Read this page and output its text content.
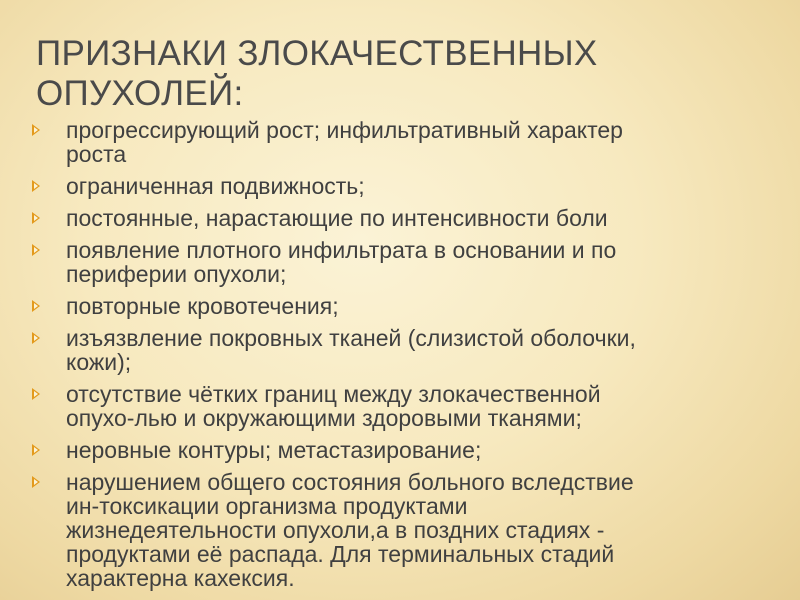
ПРИЗНАКИ ЗЛОКАЧЕСТВЕННЫХ
ОПУХОЛЕЙ:
прогрессирующий рост; инфильтративный характер
роста
ограниченная подвижность;
постоянные, нарастающие по интенсивности боли
появление плотного инфильтрата в основании и по
периферии опухоли;
повторные кровотечения;
изъязвление покровных тканей (слизистой оболочки,
кожи);
отсутствие чётких границ между злокачественной
опухо-лью и окружающими здоровыми тканями;
неровные контуры; метастазирование;
нарушением общего состояния больного вследствие
ин-токсикации организма продуктами
жизнедеятельности опухоли,а в поздних стадиях -
продуктами её распада. Для терминальных стадий
характерна кахексия.
